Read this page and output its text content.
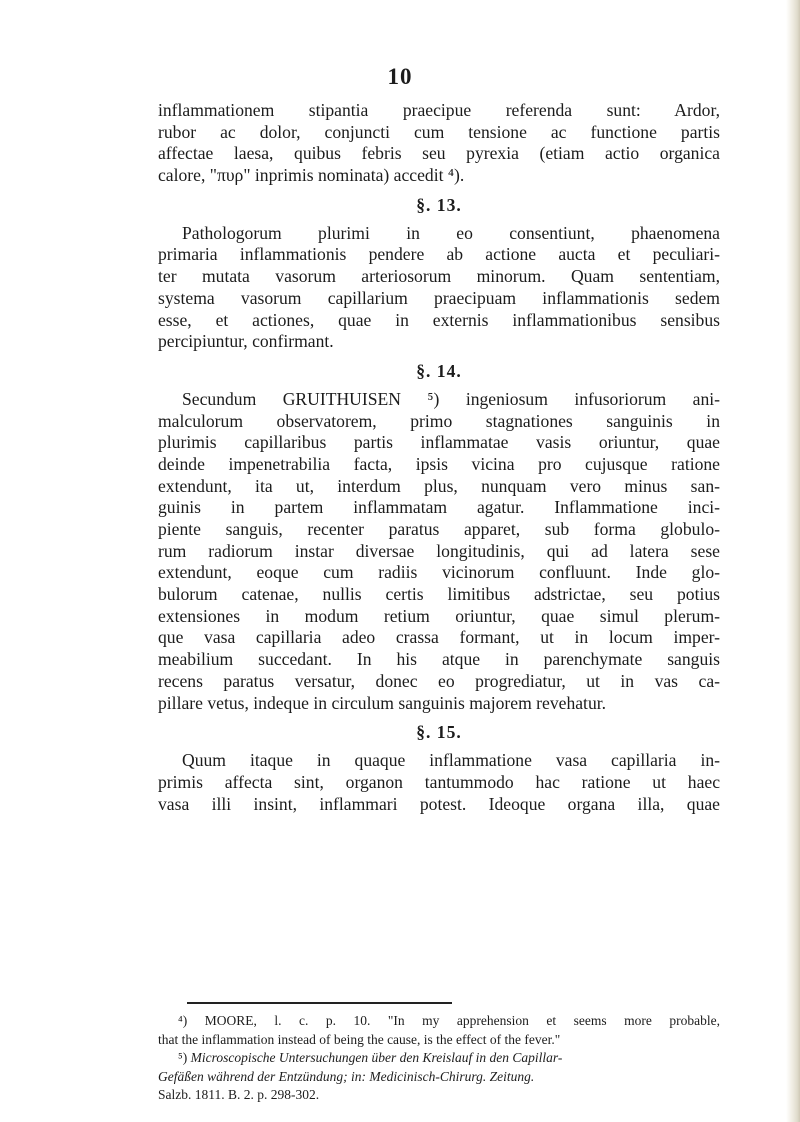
10
inflammationem stipantia praecipue referenda sunt: Ardor,
rubor ac dolor, conjuncti cum tensione ac functione partis
affectae laesa, quibus febris seu pyrexia (etiam actio organica
calore, "πυρ" inprimis nominata) accedit ⁴).
§. 13.
Pathologorum plurimi in eo consentiunt, phaenomena
primaria inflammationis pendere ab actione aucta et peculiari-
ter mutata vasorum arteriosorum minorum. Quam sententiam,
systema vasorum capillarium praecipuam inflammationis sedem
esse, et actiones, quae in externis inflammationibus sensibus
percipiuntur, confirmant.
§. 14.
Secundum GRUITHUISEN ⁵) ingeniosum infusoriorum ani-
malculorum observatorem, primo stagnationes sanguinis in
plurimis capillaribus partis inflammatae vasis oriuntur, quae
deinde impenetrabilia facta, ipsis vicina pro cujusque ratione
extendunt, ita ut, interdum plus, nunquam vero minus san-
guinis in partem inflammatam agatur. Inflammatione inci-
piente sanguis, recenter paratus apparet, sub forma globulo-
rum radiorum instar diversae longitudinis, qui ad latera sese
extendunt, eoque cum radiis vicinorum confluunt. Inde glo-
bulorum catenae, nullis certis limitibus adstrictae, seu potius
extensiones in modum retium oriuntur, quae simul plerum-
que vasa capillaria adeo crassa formant, ut in locum imper-
meabilium succedant. In his atque in parenchymate sanguis
recens paratus versatur, donec eo progrediatur, ut in vas ca-
pillare vetus, indeque in circulum sanguinis majorem revehatur.
§. 15.
Quum itaque in quaque inflammatione vasa capillaria in-
primis affecta sint, organon tantummodo hac ratione ut haec
vasa illi insint, inflammari potest. Ideoque organa illa, quae
⁴) MOORE, l. c. p. 10. "In my apprehension et seems more probable,
that the inflammation instead of being the cause, is the effect of the fever."
⁵) Microscopische Untersuchungen über den Kreislauf in den Capillar-
Gefäßen während der Entzündung; in: Medicinisch-Chirurg. Zeitung.
Salzb. 1811. B. 2. p. 298-302.
